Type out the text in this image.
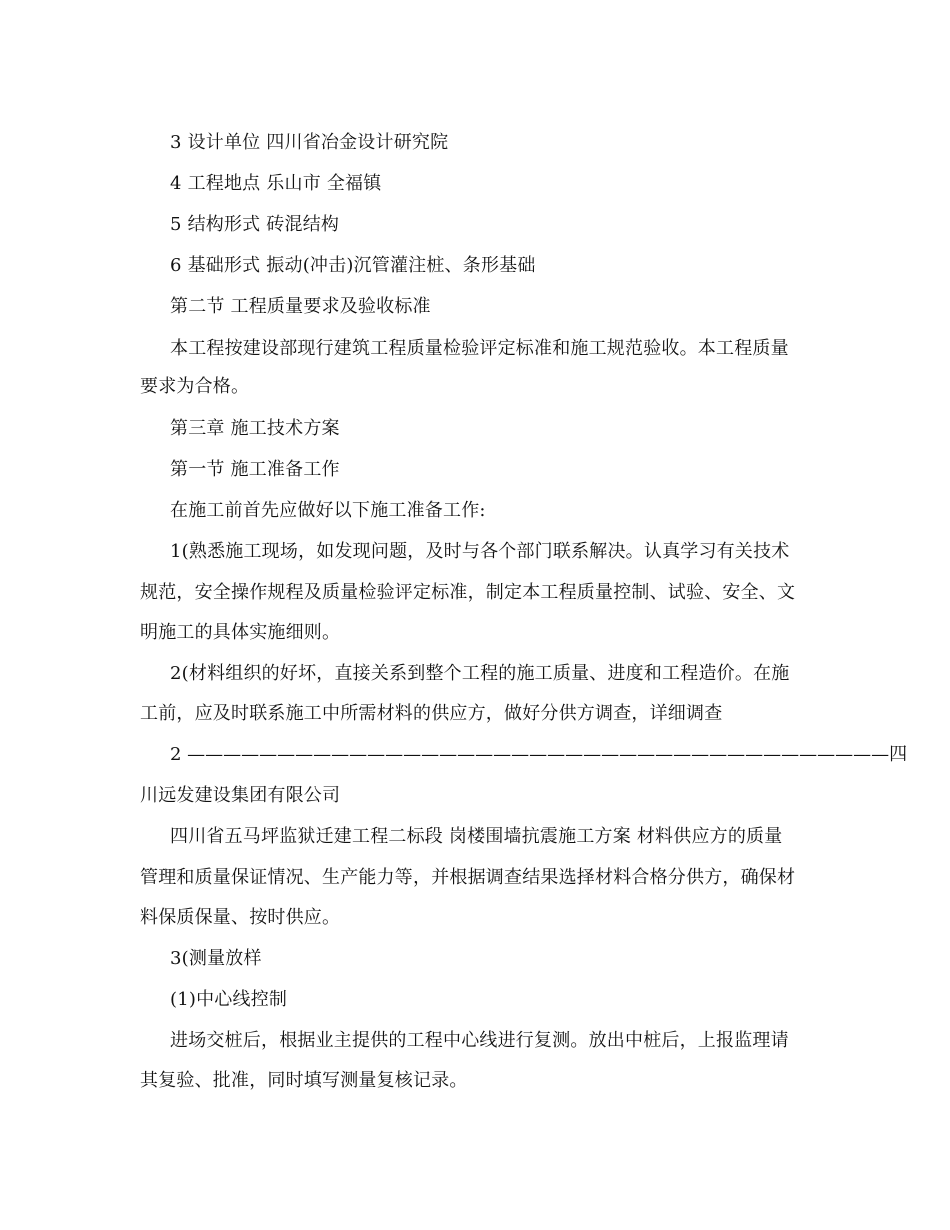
3 设计单位 四川省冶金设计研究院
4 工程地点 乐山市 全福镇
5 结构形式 砖混结构
6 基础形式 振动(冲击)沉管灌注桩、条形基础
第二节 工程质量要求及验收标准
本工程按建设部现行建筑工程质量检验评定标准和施工规范验收。本工程质量
要求为合格。
第三章 施工技术方案
第一节 施工准备工作
在施工前首先应做好以下施工准备工作:
1(熟悉施工现场，如发现问题，及时与各个部门联系解决。认真学习有关技术
规范，安全操作规程及质量检验评定标准，制定本工程质量控制、试验、安全、文
明施工的具体实施细则。
2(材料组织的好坏，直接关系到整个工程的施工质量、进度和工程造价。在施
工前，应及时联系施工中所需材料的供应方，做好分供方调查，详细调查
2 ———————————————————————————————————————四
川远发建设集团有限公司
四川省五马坪监狱迁建工程二标段 岗楼围墙抗震施工方案 材料供应方的质量
管理和质量保证情况、生产能力等，并根据调查结果选择材料合格分供方，确保材
料保质保量、按时供应。
3(测量放样
(1)中心线控制
进场交桩后，根据业主提供的工程中心线进行复测。放出中桩后，上报监理请
其复验、批准，同时填写测量复核记录。
